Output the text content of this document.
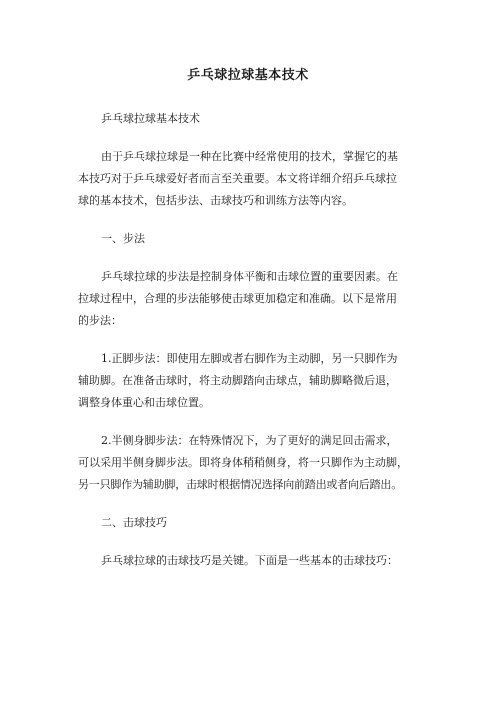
乒乓球拉球基本技术
乒乓球拉球基本技术
由于乒乓球拉球是一种在比赛中经常使用的技术，掌握它的基
本技巧对于乒乓球爱好者而言至关重要。本文将详细介绍乒乓球拉
球的基本技术，包括步法、击球技巧和训练方法等内容。
一、步法
乒乓球拉球的步法是控制身体平衡和击球位置的重要因素。在
拉球过程中，合理的步法能够使击球更加稳定和准确。以下是常用
的步法：
1.正脚步法：即使用左脚或者右脚作为主动脚，另一只脚作为
辅助脚。在准备击球时，将主动脚踏向击球点，辅助脚略微后退，
调整身体重心和击球位置。
2.半侧身脚步法：在特殊情况下，为了更好的满足回击需求，
可以采用半侧身脚步法。即将身体稍稍侧身，将一只脚作为主动脚，
另一只脚作为辅助脚，击球时根据情况选择向前踏出或者向后踏出。
二、击球技巧
乒乓球拉球的击球技巧是关键。下面是一些基本的击球技巧：
